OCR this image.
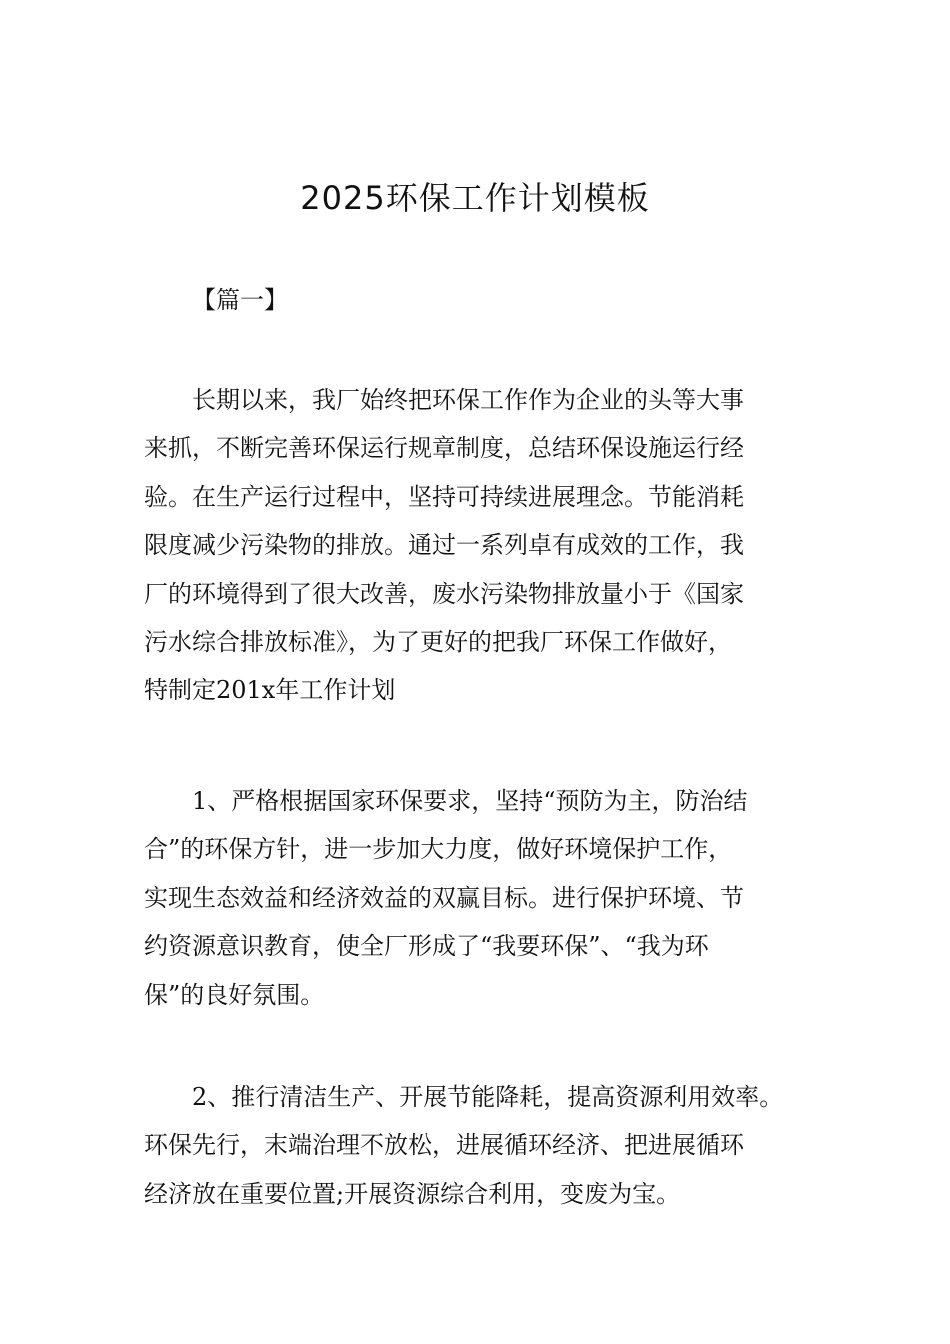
2025环保工作计划模板

【篇一】

长期以来，我厂始终把环保工作作为企业的头等大事
来抓，不断完善环保运行规章制度，总结环保设施运行经
验。在生产运行过程中，坚持可持续进展理念。节能消耗
限度减少污染物的排放。通过一系列卓有成效的工作，我
厂的环境得到了很大改善，废水污染物排放量小于《国家
污水综合排放标准》，为了更好的把我厂环保工作做好，
特制定201x年工作计划

1、严格根据国家环保要求，坚持“预防为主，防治结
合”的环保方针，进一步加大力度，做好环境保护工作，
实现生态效益和经济效益的双赢目标。进行保护环境、节
约资源意识教育，使全厂形成了“我要环保”、“我为环
保”的良好氛围。

2、推行清洁生产、开展节能降耗，提高资源利用效率。
环保先行，末端治理不放松，进展循环经济、把进展循环
经济放在重要位置;开展资源综合利用，变废为宝。
